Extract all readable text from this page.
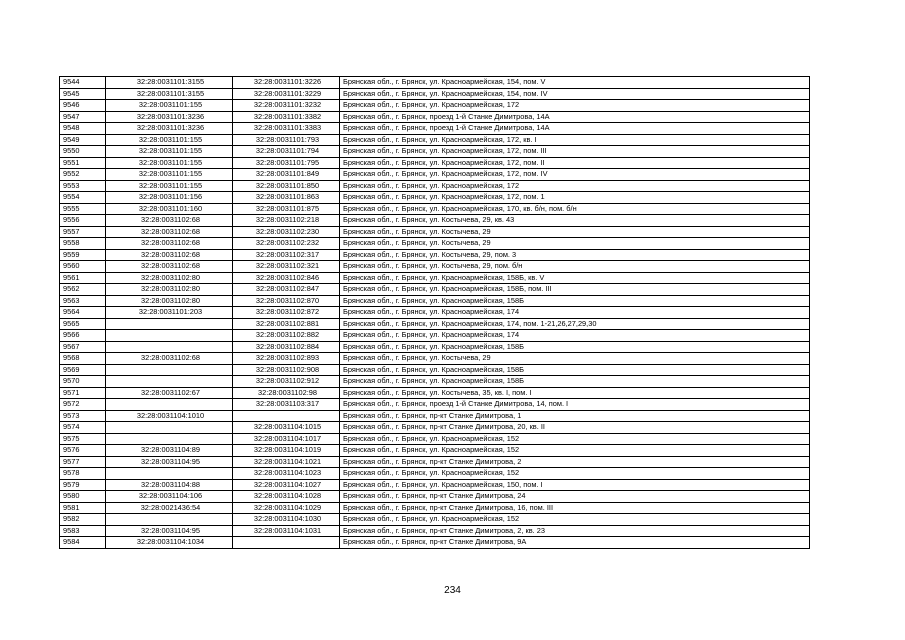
9544	32:28:0031101:3155	32:28:0031101:3226	Брянская обл., г. Брянск, ул. Красноармейская, 154, пом. V
9545	32:28:0031101:3155	32:28:0031101:3229	Брянская обл., г. Брянск, ул. Красноармейская, 154, пом. IV
9546	32:28:0031101:155	32:28:0031101:3232	Брянская обл., г. Брянск, ул. Красноармейская, 172
9547	32:28:0031101:3236	32:28:0031101:3382	Брянская обл., г. Брянск, проезд 1-й Станке Димитрова, 14А
9548	32:28:0031101:3236	32:28:0031101:3383	Брянская обл., г. Брянск, проезд 1-й Станке Димитрова, 14А
9549	32:28:0031101:155	32:28:0031101:793	Брянская обл., г. Брянск, ул. Красноармейская, 172, кв. I
9550	32:28:0031101:155	32:28:0031101:794	Брянская обл., г. Брянск, ул. Красноармейская, 172, пом. III
9551	32:28:0031101:155	32:28:0031101:795	Брянская обл., г. Брянск, ул. Красноармейская, 172, пом. II
9552	32:28:0031101:155	32:28:0031101:849	Брянская обл., г. Брянск, ул. Красноармейская, 172, пом. IV
9553	32:28:0031101:155	32:28:0031101:850	Брянская обл., г. Брянск, ул. Красноармейская, 172
9554	32:28:0031101:156	32:28:0031101:863	Брянская обл., г. Брянск, ул. Красноармейская, 172, пом. 1
9555	32:28:0031101:160	32:28:0031101:875	Брянская обл., г. Брянск, ул. Красноармейская, 170, кв. б/н, пом. б/н
9556	32:28:0031102:68	32:28:0031102:218	Брянская обл., г. Брянск, ул. Костычева, 29, кв. 43
9557	32:28:0031102:68	32:28:0031102:230	Брянская обл., г. Брянск, ул. Костычева, 29
9558	32:28:0031102:68	32:28:0031102:232	Брянская обл., г. Брянск, ул. Костычева, 29
9559	32:28:0031102:68	32:28:0031102:317	Брянская обл., г. Брянск, ул. Костычева, 29, пом. 3
9560	32:28:0031102:68	32:28:0031102:321	Брянская обл., г. Брянск, ул. Костычева, 29, пом. б/н
9561	32:28:0031102:80	32:28:0031102:846	Брянская обл., г. Брянск, ул. Красноармейская, 158Б, кв. V
9562	32:28:0031102:80	32:28:0031102:847	Брянская обл., г. Брянск, ул. Красноармейская, 158Б, пом. III
9563	32:28:0031102:80	32:28:0031102:870	Брянская обл., г. Брянск, ул. Красноармейская, 158Б
9564	32:28:0031101:203	32:28:0031102:872	Брянская обл., г. Брянск, ул. Красноармейская, 174
9565		32:28:0031102:881	Брянская обл., г. Брянск, ул. Красноармейская, 174, пом. 1-21,26,27,29,30
9566		32:28:0031102:882	Брянская обл., г. Брянск, ул. Красноармейская, 174
9567		32:28:0031102:884	Брянская обл., г. Брянск, ул. Красноармейская, 158Б
9568	32:28:0031102:68	32:28:0031102:893	Брянская обл., г. Брянск, ул. Костычева, 29
9569		32:28:0031102:908	Брянская обл., г. Брянск, ул. Красноармейская, 158Б
9570		32:28:0031102:912	Брянская обл., г. Брянск, ул. Красноармейская, 158Б
9571	32:28:0031102:67	32:28:0031102:98	Брянская обл., г. Брянск, ул. Костычева, 35, кв. I, пом. I
9572		32:28:0031103:317	Брянская обл., г. Брянск, проезд 1-й Станке Димитрова, 14, пом. I
9573	32:28:0031104:1010		Брянская обл., г. Брянск, пр-кт Станке Димитрова, 1
9574		32:28:0031104:1015	Брянская обл., г. Брянск, пр-кт Станке Димитрова, 20, кв. II
9575		32:28:0031104:1017	Брянская обл., г. Брянск, ул. Красноармейская, 152
9576	32:28:0031104:89	32:28:0031104:1019	Брянская обл., г. Брянск, ул. Красноармейская, 152
9577	32:28:0031104:95	32:28:0031104:1021	Брянская обл., г. Брянск, пр-кт Станке Димитрова, 2
9578		32:28:0031104:1023	Брянская обл., г. Брянск, ул. Красноармейская, 152
9579	32:28:0031104:88	32:28:0031104:1027	Брянская обл., г. Брянск, ул. Красноармейская, 150, пом. I
9580	32:28:0031104:106	32:28:0031104:1028	Брянская обл., г. Брянск, пр-кт Станке Димитрова, 24
9581	32:28:0021436:54	32:28:0031104:1029	Брянская обл., г. Брянск, пр-кт Станке Димитрова, 16, пом. III
9582		32:28:0031104:1030	Брянская обл., г. Брянск, ул. Красноармейская, 152
9583	32:28:0031104:95	32:28:0031104:1031	Брянская обл., г. Брянск, пр-кт Станке Димитрова, 2, кв. 23
9584	32:28:0031104:1034		Брянская обл., г. Брянск, пр-кт Станке Димитрова, 9А
234
